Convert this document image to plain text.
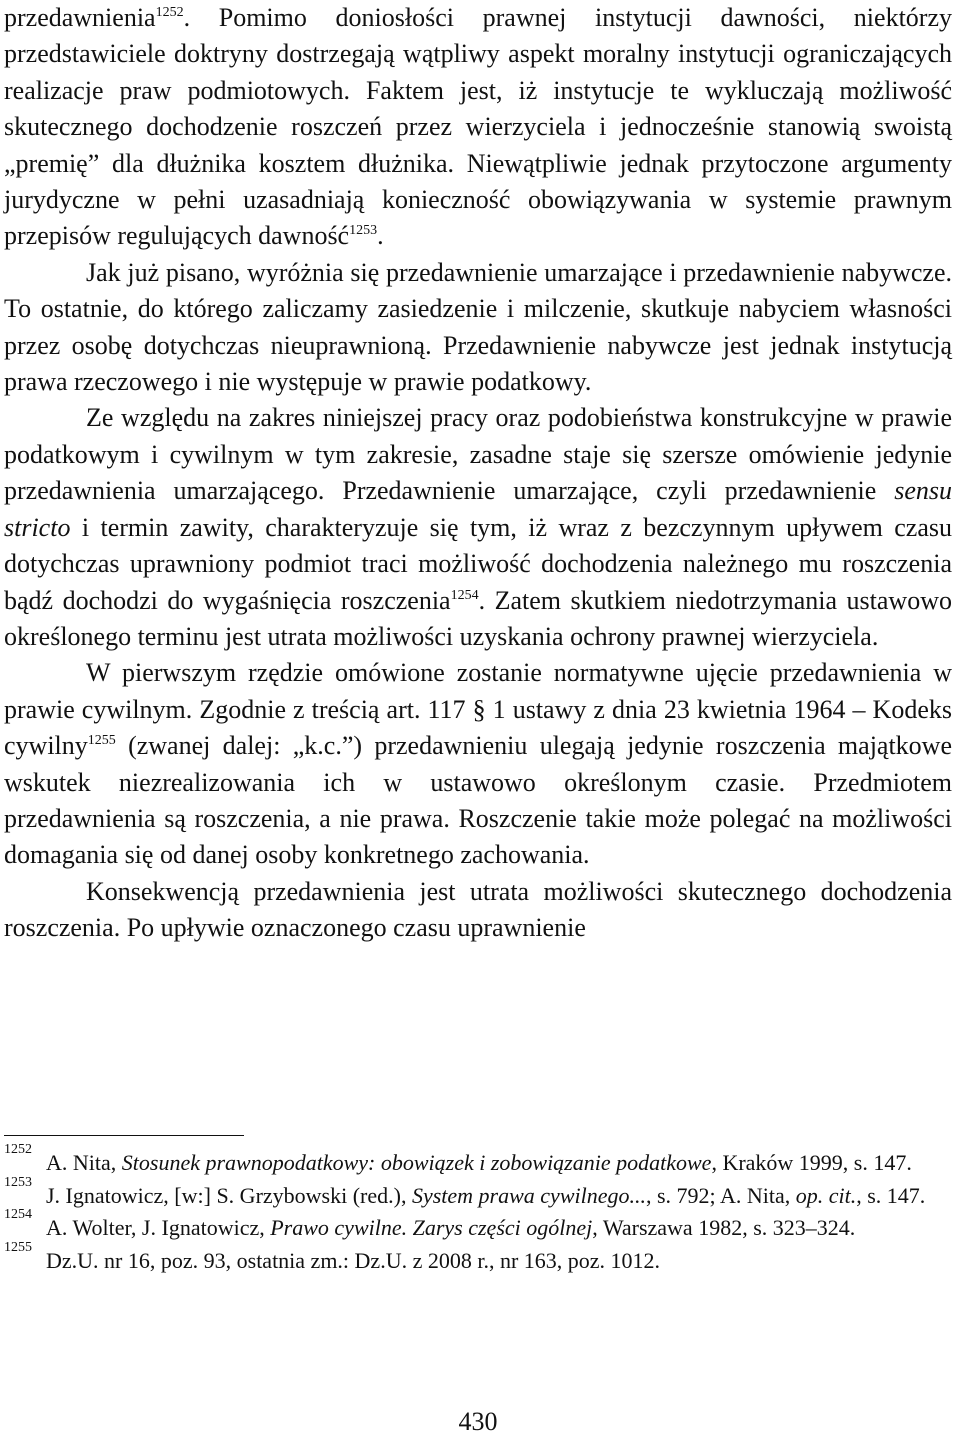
przedawnienia$^{1252}$. Pomimo doniosłości prawnej instytucji dawności, niektórzy przedstawiciele doktryny dostrzegają wątpliwy aspekt moralny instytucji ograniczających realizacje praw podmiotowych. Faktem jest, iż instytucje te wykluczają możliwość skutecznego dochodzenie roszczeń przez wierzyciela i jednocześnie stanowią swoistą „premię” dla dłużnika kosztem dłużnika. Niewątpliwie jednak przytoczone argumenty jurydyczne w pełni uzasadniają konieczność obowiązywania w systemie prawnym przepisów regulujących dawność$^{1253}$.

Jak już pisano, wyróżnia się przedawnienie umarzające i przedawnienie nabywcze. To ostatnie, do którego zaliczamy zasiedzenie i milczenie, skutkuje nabyciem własności przez osobę dotychczas nieuprawnioną. Przedawnienie nabywcze jest jednak instytucją prawa rzeczowego i nie występuje w prawie podatkowy.

Ze względu na zakres niniejszej pracy oraz podobieństwa konstrukcyjne w prawie podatkowym i cywilnym w tym zakresie, zasadne staje się szersze omówienie jedynie przedawnienia umarzającego. Przedawnienie umarzające, czyli przedawnienie sensu stricto i termin zawity, charakteryzuje się tym, iż wraz z bezczynnym upływem czasu dotychczas uprawniony podmiot traci możliwość dochodzenia należnego mu roszczenia bądź dochodzi do wygaśnięcia roszczenia$^{1254}$. Zatem skutkiem niedotrzymania ustawowo określonego terminu jest utrata możliwości uzyskania ochrony prawnej wierzyciela.

W pierwszym rzędzie omówione zostanie normatywne ujęcie przedawnienia w prawie cywilnym. Zgodnie z treścią art. 117 § 1 ustawy z dnia 23 kwietnia 1964 – Kodeks cywilny$^{1255}$ (zwanej dalej: „k.c.”) przedawnieniu ulegają jedynie roszczenia majątkowe wskutek niezrealizowania ich w ustawowo określonym czasie. Przedmiotem przedawnienia są roszczenia, a nie prawa. Roszczenie takie może polegać na możliwości domagania się od danej osoby konkretnego zachowania.

Konsekwencją przedawnienia jest utrata możliwości skutecznego dochodzenia roszczenia. Po upływie oznaczonego czasu uprawnienie

1252
A. Nita, Stosunek prawnopodatkowy: obowiązek i zobowiązanie podatkowe, Kraków 1999, s. 147.

1253
J. Ignatowicz, [w:] S. Grzybowski (red.), System prawa cywilnego..., s. 792; A. Nita, op. cit., s. 147.

1254
A. Wolter, J. Ignatowicz, Prawo cywilne. Zarys części ogólnej, Warszawa 1982, s. 323–324.

1255
Dz.U. nr 16, poz. 93, ostatnia zm.: Dz.U. z 2008 r., nr 163, poz. 1012.

430
